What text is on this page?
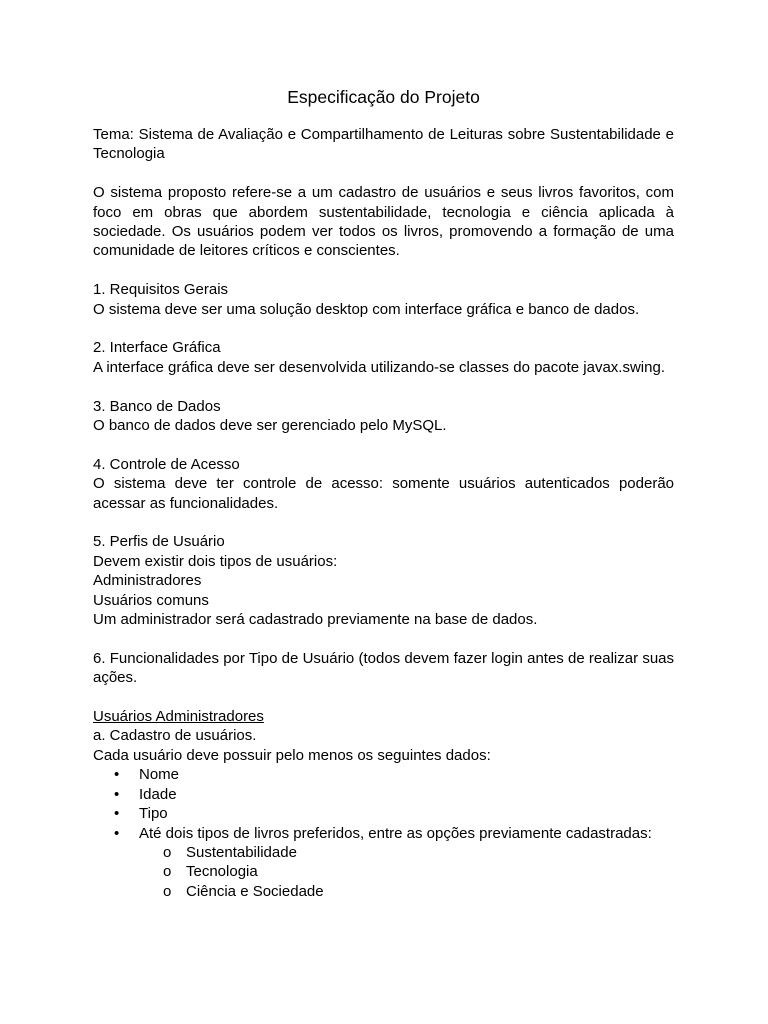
Especificação do Projeto

Tema: Sistema de Avaliação e Compartilhamento de Leituras sobre Sustentabilidade e Tecnologia

O sistema proposto refere-se a um cadastro de usuários e seus livros favoritos, com foco em obras que abordem sustentabilidade, tecnologia e ciência aplicada à sociedade. Os usuários podem ver todos os livros, promovendo a formação de uma comunidade de leitores críticos e conscientes.

1. Requisitos Gerais

O sistema deve ser uma solução desktop com interface gráfica e banco de dados.

2. Interface Gráfica

A interface gráfica deve ser desenvolvida utilizando-se classes do pacote javax.swing.

3. Banco de Dados

O banco de dados deve ser gerenciado pelo MySQL.

4. Controle de Acesso

O sistema deve ter controle de acesso: somente usuários autenticados poderão acessar as funcionalidades.

5. Perfis de Usuário

Devem existir dois tipos de usuários:

Administradores

Usuários comuns

Um administrador será cadastrado previamente na base de dados.

6. Funcionalidades por Tipo de Usuário (todos devem fazer login antes de realizar suas ações.

Usuários Administradores

a. Cadastro de usuários.

Cada usuário deve possuir pelo menos os seguintes dados:

• Nome
• Idade
• Tipo
• Até dois tipos de livros preferidos, entre as opções previamente cadastradas:
o Sustentabilidade
o Tecnologia
o Ciência e Sociedade
